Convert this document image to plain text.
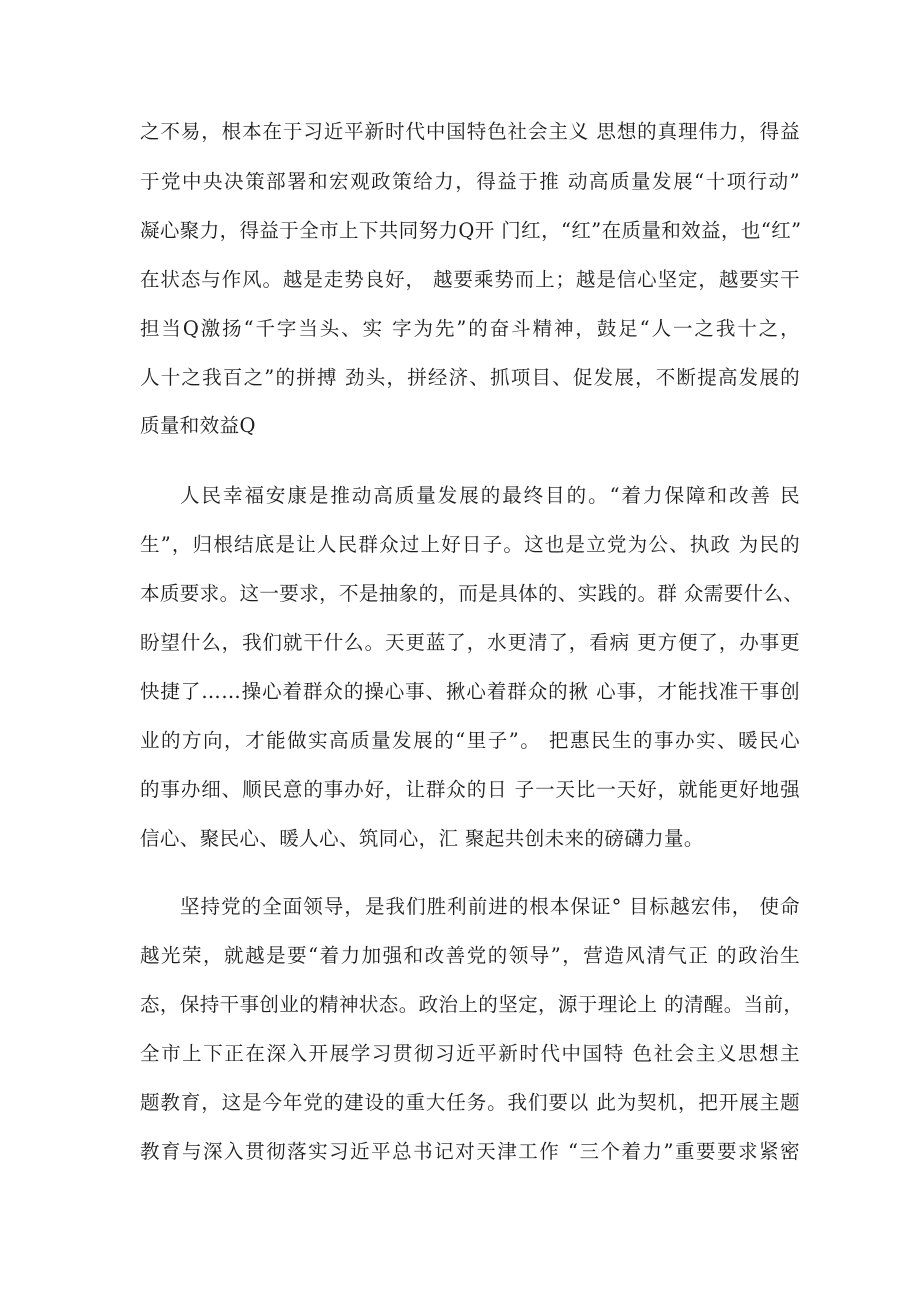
之不易，根本在于习近平新时代中国特色社会主义 思想的真理伟力，得益

于党中央决策部署和宏观政策给力，得益于推 动高质量发展“十项行动”

凝心聚力，得益于全市上下共同努力Q开 门红，“红”在质量和效益，也“红”

在状态与作风。越是走势良好， 越要乘势而上；越是信心坚定，越要实干

担当Q激扬“千字当头、实 字为先”的奋斗精神，鼓足“人一之我十之，

人十之我百之”的拼搏 劲头，拼经济、抓项目、促发展，不断提高发展的

质量和效益Q

人民幸福安康是推动高质量发展的最终目的。“着力保障和改善 民

生”，归根结底是让人民群众过上好日子。这也是立党为公、执政 为民的

本质要求。这一要求，不是抽象的，而是具体的、实践的。群 众需要什么、

盼望什么，我们就干什么。天更蓝了，水更清了，看病 更方便了，办事更

快捷了……操心着群众的操心事、揪心着群众的揪 心事，才能找准干事创

业的方向，才能做实高质量发展的“里子”。 把惠民生的事办实、暖民心

的事办细、顺民意的事办好，让群众的日 子一天比一天好，就能更好地强

信心、聚民心、暖人心、筑同心，汇 聚起共创未来的磅礴力量。

坚持党的全面领导，是我们胜利前进的根本保证° 目标越宏伟， 使命

越光荣，就越是要“着力加强和改善党的领导”，营造风清气正 的政治生

态，保持干事创业的精神状态。政治上的坚定，源于理论上 的清醒。当前，

全市上下正在深入开展学习贯彻习近平新时代中国特 色社会主义思想主

题教育，这是今年党的建设的重大任务。我们要以 此为契机，把开展主题

教育与深入贯彻落实习近平总书记对天津工作 “三个着力”重要要求紧密
